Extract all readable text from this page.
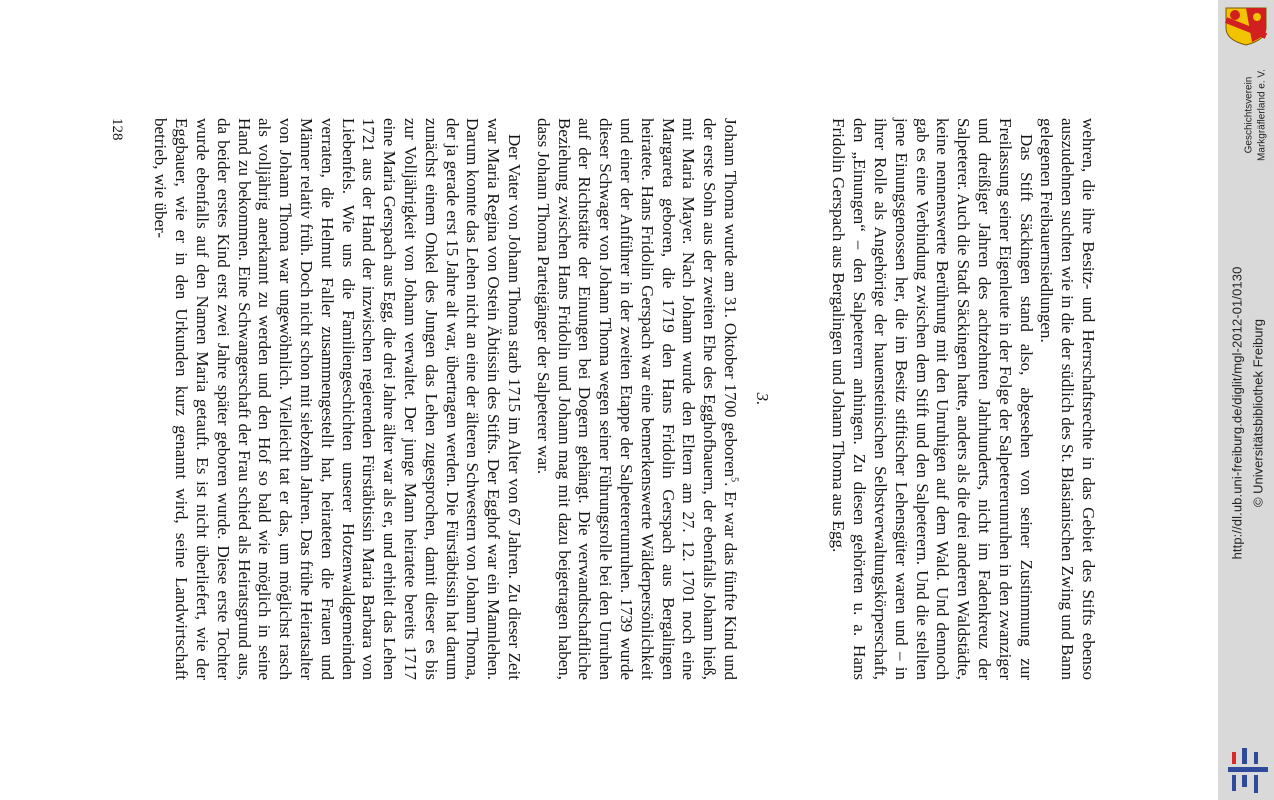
wehren, die ihre Besitz- und Herrschaftsrechte in das Gebiet des Stifts ebenso auszudehnen suchten wie in die der südlich des St. Blasianischen Zwing und Bann gelegenen Freibauernsiedlungen.

Das Stift Säckingen stand also, abgesehen von seiner Zustimmung zur Freilassung seiner Eigenleute in der Folge der Salpetererunruhen in den zwanziger und dreißiger Jahren des achtzehnten Jahrhunderts, nicht im Fadenkreuz der Salpeterer. Auch die Stadt Säckingen hatte, anders als die drei anderen Waldstädte, keine nennenswerte Berührung mit den Unruhigen auf dem Wald. Und dennoch gab es eine Verbindung zwischen dem Stift und den Salpeterern. Und die stellten jene Einungsgenossen her, die im Besitz stiftischer Lehensgüter waren und – in ihrer Rolle als Angehörige der hauensteinischen Selbstverwaltungskörperschaft, den „Einungen“ – den Salpeterern anhingen. Zu diesen gehörten u. a. Hans Fridolin Gerspach aus Bergalingen und Johann Thoma aus Egg.

3.

Johann Thoma wurde am 31. Oktober 1700 geboren$^5$. Er war das fünfte Kind und der erste Sohn aus der zweiten Ehe des Egghofbauern, der ebenfalls Johann hieß, mit Maria Mayer. Nach Johann wurde den Eltern am 27. 12. 1701 noch eine Margareta geboren, die 1719 den Hans Fridolin Gerspach aus Bergalingen heiratete. Hans Fridolin Gerspach war eine bemerkenswerte Wälderpersönlichkeit und einer der Anführer in der zweiten Etappe der Salpetererunruhen. 1739 wurde dieser Schwager von Johann Thoma wegen seiner Führungsrolle bei den Unruhen auf der Richtstätte der Einungen bei Dogern gehängt. Die verwandtschaftliche Beziehung zwischen Hans Fridolin und Johann mag mit dazu beigetragen haben, dass Johann Thoma Parteigänger der Salpeterer war.

Der Vater von Johann Thoma starb 1715 im Alter von 67 Jahren. Zu dieser Zeit war Maria Regina von Ostein Äbtissin des Stifts. Der Egghof war ein Mannlehen. Darum konnte das Lehen nicht an eine der älteren Schwestern von Johann Thoma, der ja gerade erst 15 Jahre alt war, übertragen werden. Die Fürstäbtissin hat darum zunächst einem Onkel des Jungen das Lehen zugesprochen, damit dieser es bis zur Volljährigkeit von Johann verwaltet. Der junge Mann heiratete bereits 1717 eine Maria Gerspach aus Egg, die drei Jahre älter war als er, und erhielt das Lehen 1721 aus der Hand der inzwischen regierenden Fürstäbtissin Maria Barbara von Liebenfels. Wie uns die Familiengeschichten unserer Hotzenwaldgemeinden verraten, die Helmut Faller zusammengestellt hat, heirateten die Frauen und Männer relativ früh. Doch nicht schon mit siebzehn Jahren. Das frühe Heiratsalter von Johann Thoma war ungewöhnlich. Vielleicht tat er das, um möglichst rasch als volljährig anerkannt zu werden und den Hof so bald wie möglich in seine Hand zu bekommen. Eine Schwangerschaft der Frau schied als Heiratsgrund aus, da beider erstes Kind erst zwei Jahre später geboren wurde. Diese erste Tochter wurde ebenfalls auf den Namen Maria getauft. Es ist nicht überliefert, wie der Eggbauer, wie er in den Urkunden kurz genannt wird, seine Landwirtschaft betrieb, wie über-

128	Geschichtsverein Markgräflerland e. V.
http://dl.ub.uni-freiburg.de/diglit/mgl-2012-01/0130 © Universitätsbibliothek Freiburg
